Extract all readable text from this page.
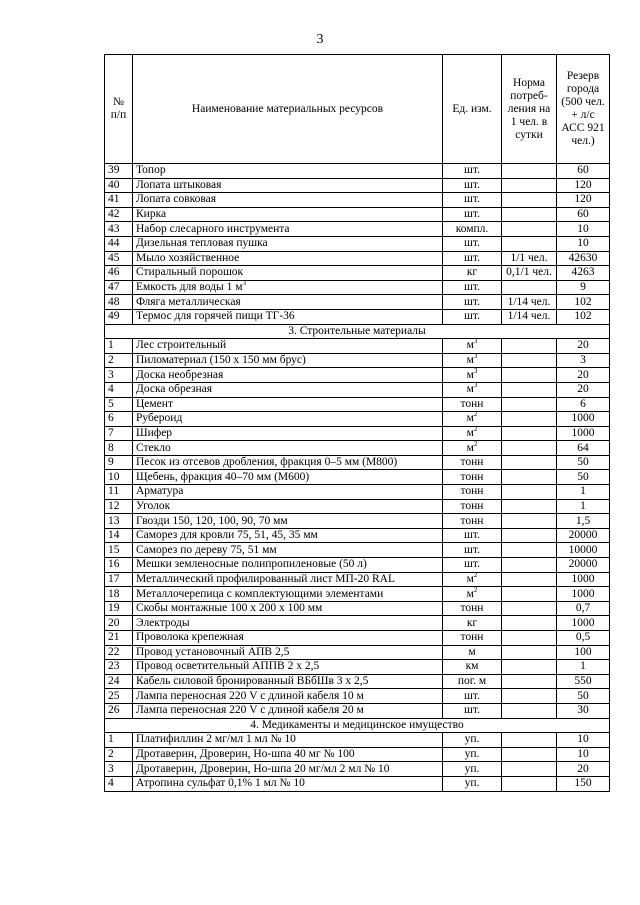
3
№ п/п	Наименование материальных ресурсов	Ед. изм.	Норма потреб-ления на 1 чел. в сутки	Резерв города (500 чел. + л/с АСС 921 чел.)
39	Топор	шт.		60
40	Лопата штыковая	шт.		120
41	Лопата совковая	шт.		120
42	Кирка	шт.		60
43	Набор слесарного инструмента	компл.		10
44	Дизельная тепловая пушка	шт.		10
45	Мыло хозяйственное	шт.	1/1 чел.	42630
46	Стиральный порошок	кг	0,1/1 чел.	4263
47	Емкость для воды 1 $м^3$	шт.		9
48	Фляга металлическая	шт.	1/14 чел.	102
49	Термос для горячей пищи ТГ-36	шт.	1/14 чел.	102
3. Строительные материалы				
1	Лес строительный	$м^3$		20
2	Пиломатериал (150 х 150 мм брус)	$м^3$		3
3	Доска необрезная	$м^3$		20
4	Доска обрезная	$м^3$		20
5	Цемент	тонн		6
6	Рубероид	$м^2$		1000
7	Шифер	$м^2$		1000
8	Стекло	$м^2$		64
9	Песок из отсевов дробления, фракция 0–5 мм (М800)	тонн		50
10	Щебень, фракция 40–70 мм (М600)	тонн		50
11	Арматура	тонн		1
12	Уголок	тонн		1
13	Гвозди 150, 120, 100, 90, 70 мм	тонн		1,5
14	Саморез для кровли 75, 51, 45, 35 мм	шт.		20000
15	Саморез по дереву 75, 51 мм	шт.		10000
16	Мешки земленосные полипропиленовые (50 л)	шт.		20000
17	Металлический профилированный лист МП-20 RAL	$м^2$		1000
18	Металлочерепица с комплектующими элементами	$м^2$		1000
19	Скобы монтажные 100 х 200 х 100 мм	тонн		0,7
20	Электроды	кг		1000
21	Проволока крепежная	тонн		0,5
22	Провод установочный АПВ 2,5	м		100
23	Провод осветительный АППВ 2 х 2,5	км		1
24	Кабель силовой бронированный ВБбШв 3 х 2,5	пог. м		550
25	Лампа переносная 220 V с длиной кабеля 10 м	шт.		50
26	Лампа переносная 220 V с длиной кабеля 20 м	шт.		30
4. Медикаменты и медицинское имущество				
1	Платифиллин 2 мг/мл 1 мл № 10	уп.		10
2	Дротаверин, Дроверин, Но-шпа 40 мг № 100	уп.		10
3	Дротаверин, Дроверин, Но-шпа 20 мг/мл 2 мл № 10	уп.		20
4	Атропина сульфат 0,1% 1 мл № 10	уп.		150
